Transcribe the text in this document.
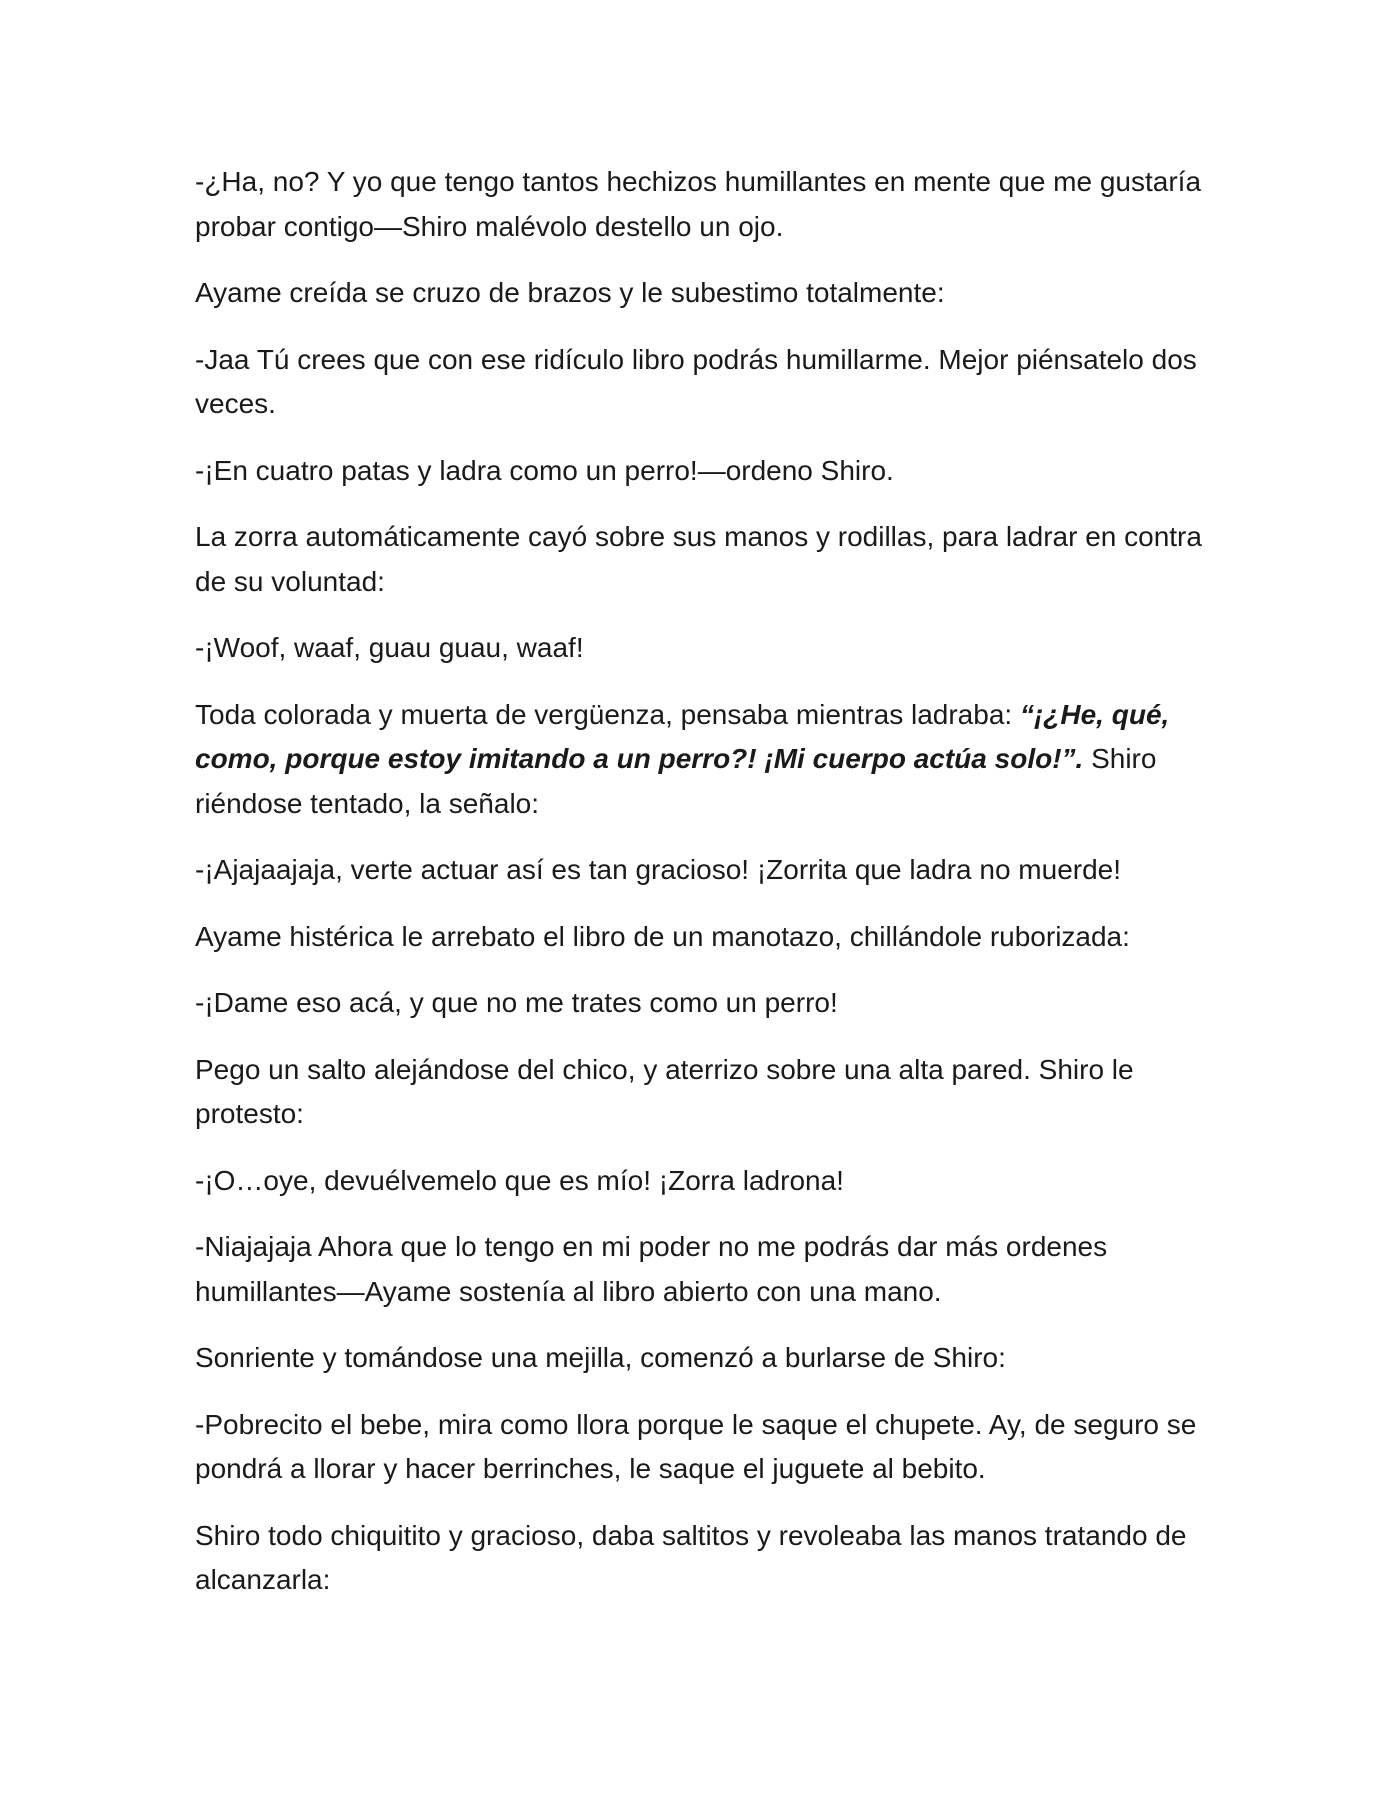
-¿Ha, no? Y yo que tengo tantos hechizos humillantes en mente que me gustaría probar contigo—Shiro malévolo destello un ojo.

Ayame creída se cruzo de brazos y le subestimo totalmente:

-Jaa Tú crees que con ese ridículo libro podrás humillarme. Mejor piénsatelo dos veces.

-¡En cuatro patas y ladra como un perro!—ordeno Shiro.

La zorra automáticamente cayó sobre sus manos y rodillas, para ladrar en contra de su voluntad:

-¡Woof, waaf, guau guau, waaf!

Toda colorada y muerta de vergüenza, pensaba mientras ladraba: “¡¿He, qué, como, porque estoy imitando a un perro?! ¡Mi cuerpo actúa solo!”. Shiro riéndose tentado, la señalo:

-¡Ajajaajaja, verte actuar así es tan gracioso! ¡Zorrita que ladra no muerde!

Ayame histérica le arrebato el libro de un manotazo, chillándole ruborizada:

-¡Dame eso acá, y que no me trates como un perro!

Pego un salto alejándose del chico, y aterrizo sobre una alta pared. Shiro le protesto:

-¡O…oye, devuélvemelo que es mío! ¡Zorra ladrona!

-Niajajaja Ahora que lo tengo en mi poder no me podrás dar más ordenes humillantes—Ayame sostenía al libro abierto con una mano.

Sonriente y tomándose una mejilla, comenzó a burlarse de Shiro:

-Pobrecito el bebe, mira como llora porque le saque el chupete. Ay, de seguro se pondrá a llorar y hacer berrinches, le saque el juguete al bebito.

Shiro todo chiquitito y gracioso, daba saltitos y revoleaba las manos tratando de alcanzarla:
